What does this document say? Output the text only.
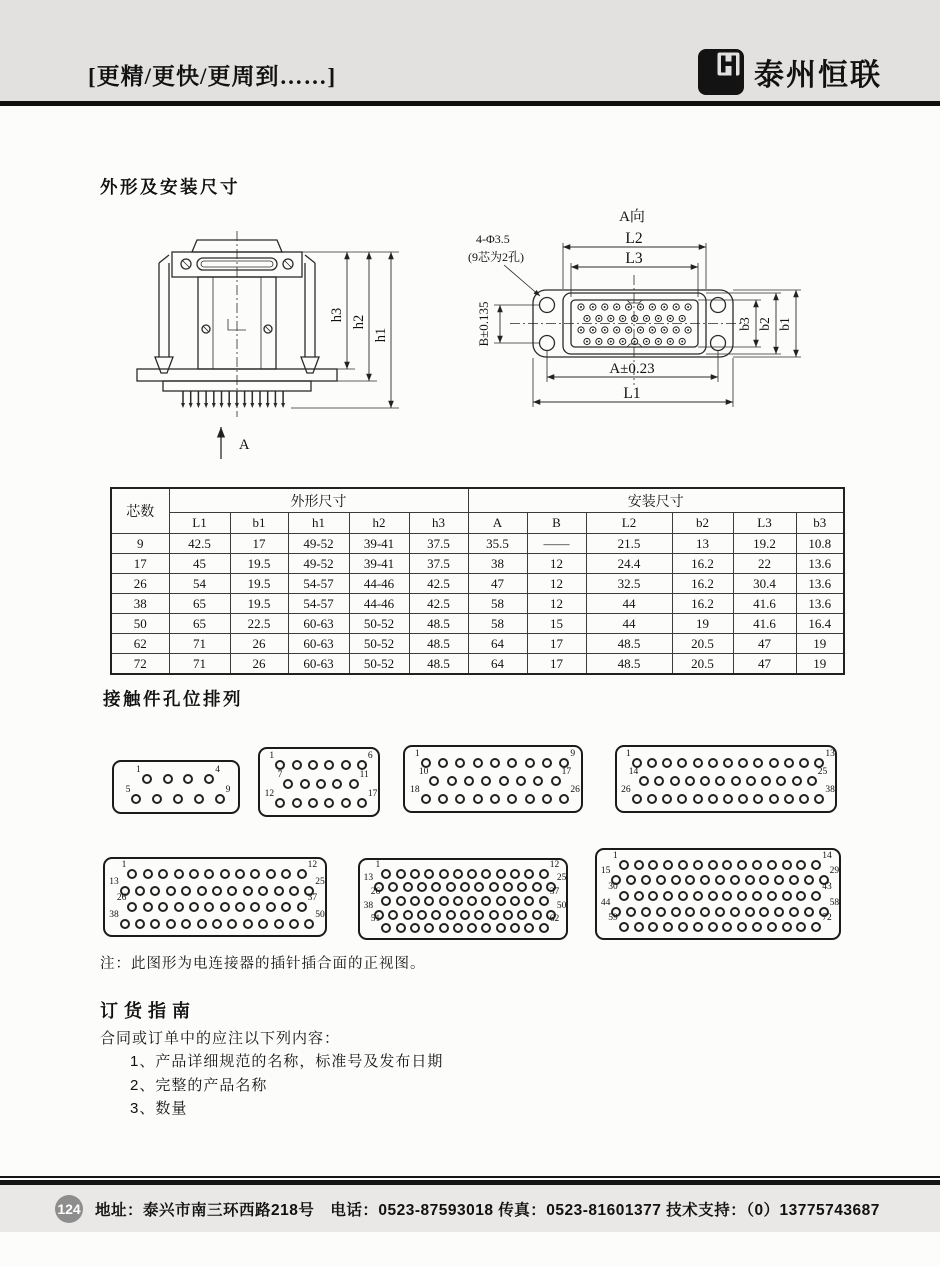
[更精/更快/更周到……]	泰州恒联
外形及安装尺寸
h3 h2
h1
A
A向
L2
L3
B±0.135
A±0.23
L1
b3 b2 b1
4-Φ3.5
(9芯为2孔)
芯数	外形尺寸					安装尺寸					
	L1	b1	h1	h2	h3	A	B	L2	b2	L3	b3
9	42.5	17	49-52	39-41	37.5	35.5	——	21.5	13	19.2	10.8
17	45	19.5	49-52	39-41	37.5	38	12	24.4	16.2	22	13.6
26	54	19.5	54-57	44-46	42.5	47	12	32.5	16.2	30.4	13.6
38	65	19.5	54-57	44-46	42.5	58	12	44	16.2	41.6	13.6
50	65	22.5	60-63	50-52	48.5	58	15	44	19	41.6	16.4
62	71	26	60-63	50-52	48.5	64	17	48.5	20.5	47	19
72	71	26	60-63	50-52	48.5	64	17	48.5	20.5	47	19
接触件孔位排列
1	4
5	9
1	6
7	11
12	17
1	9
10	17
18	26
1	13
14	25
26	38
1	12
13	25
26	37
38	50
1	12
13	25
26	37
38	50
51	62
1	14
15	29
30	43
44	58
59	72
注：此图形为电连接器的插针插合面的正视图。
订货指南
合同或订单中的应注以下列内容：
1、产品详细规范的名称，标准号及发布日期
2、完整的产品名称
3、数量
124 地址：泰兴市南三环西路218号　电话：0523-87593018 传真：0523-81601377 技术支持：（0）13775743687
